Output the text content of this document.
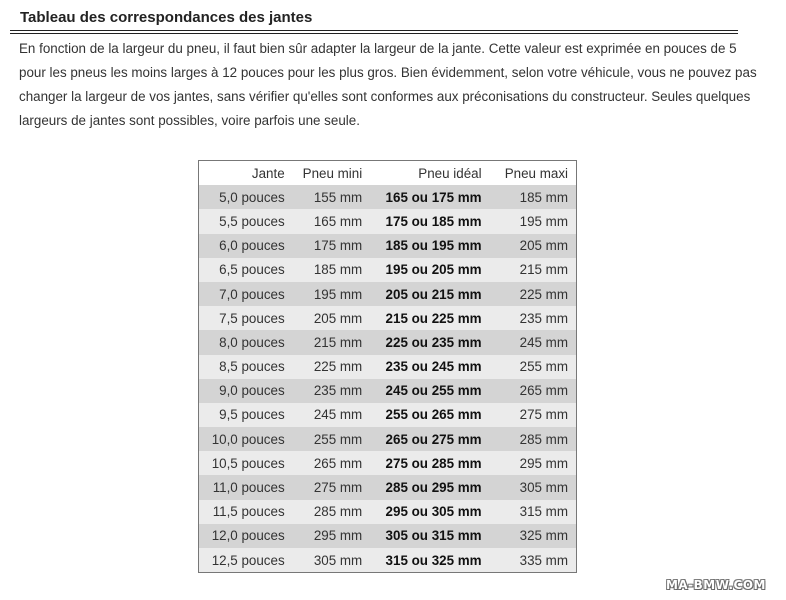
Tableau des correspondances des jantes

En fonction de la largeur du pneu, il faut bien sûr adapter la largeur de la jante. Cette valeur est exprimée en pouces de 5 pour les pneus les moins larges à 12 pouces pour les plus gros. Bien évidemment, selon votre véhicule, vous ne pouvez pas changer la largeur de vos jantes, sans vérifier qu'elles sont conformes aux préconisations du constructeur. Seules quelques largeurs de jantes sont possibles, voire parfois une seule.

Jante	Pneu mini	Pneu idéal	Pneu maxi
5,0 pouces	155 mm	165 ou 175 mm	185 mm
5,5 pouces	165 mm	175 ou 185 mm	195 mm
6,0 pouces	175 mm	185 ou 195 mm	205 mm
6,5 pouces	185 mm	195 ou 205 mm	215 mm
7,0 pouces	195 mm	205 ou 215 mm	225 mm
7,5 pouces	205 mm	215 ou 225 mm	235 mm
8,0 pouces	215 mm	225 ou 235 mm	245 mm
8,5 pouces	225 mm	235 ou 245 mm	255 mm
9,0 pouces	235 mm	245 ou 255 mm	265 mm
9,5 pouces	245 mm	255 ou 265 mm	275 mm
10,0 pouces	255 mm	265 ou 275 mm	285 mm
10,5 pouces	265 mm	275 ou 285 mm	295 mm
11,0 pouces	275 mm	285 ou 295 mm	305 mm
11,5 pouces	285 mm	295 ou 305 mm	315 mm
12,0 pouces	295 mm	305 ou 315 mm	325 mm
12,5 pouces	305 mm	315 ou 325 mm	335 mm
MA-BMW.COM
